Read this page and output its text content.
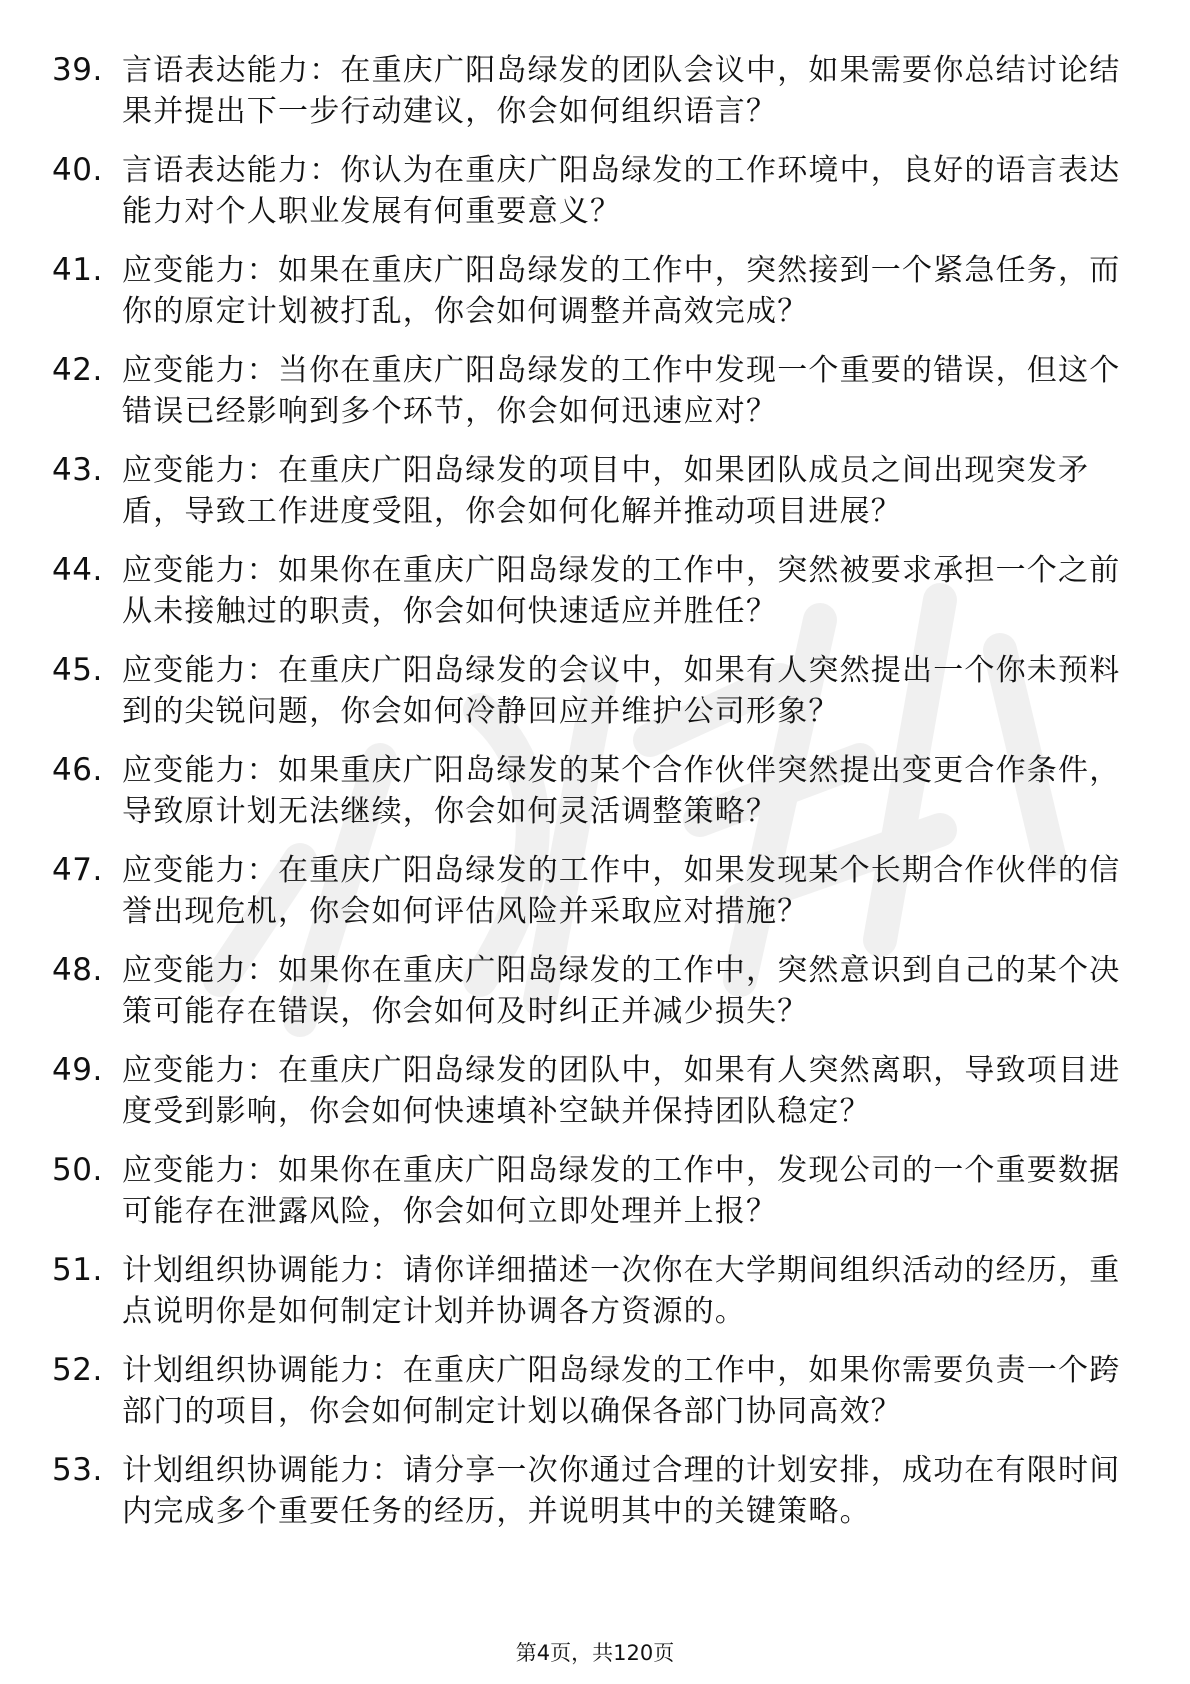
39. 言语表达能力：在重庆广阳岛绿发的团队会议中，如果需要你总结讨论结果并提出下一步行动建议，你会如何组织语言？
40. 言语表达能力：你认为在重庆广阳岛绿发的工作环境中，良好的语言表达能力对个人职业发展有何重要意义？
41. 应变能力：如果在重庆广阳岛绿发的工作中，突然接到一个紧急任务，而你的原定计划被打乱，你会如何调整并高效完成？
42. 应变能力：当你在重庆广阳岛绿发的工作中发现一个重要的错误，但这个错误已经影响到多个环节，你会如何迅速应对？
43. 应变能力：在重庆广阳岛绿发的项目中，如果团队成员之间出现突发矛盾，导致工作进度受阻，你会如何化解并推动项目进展？
44. 应变能力：如果你在重庆广阳岛绿发的工作中，突然被要求承担一个之前从未接触过的职责，你会如何快速适应并胜任？
45. 应变能力：在重庆广阳岛绿发的会议中，如果有人突然提出一个你未预料到的尖锐问题，你会如何冷静回应并维护公司形象？
46. 应变能力：如果重庆广阳岛绿发的某个合作伙伴突然提出变更合作条件，导致原计划无法继续，你会如何灵活调整策略？
47. 应变能力：在重庆广阳岛绿发的工作中，如果发现某个长期合作伙伴的信誉出现危机，你会如何评估风险并采取应对措施？
48. 应变能力：如果你在重庆广阳岛绿发的工作中，突然意识到自己的某个决策可能存在错误，你会如何及时纠正并减少损失？
49. 应变能力：在重庆广阳岛绿发的团队中，如果有人突然离职，导致项目进度受到影响，你会如何快速填补空缺并保持团队稳定？
50. 应变能力：如果你在重庆广阳岛绿发的工作中，发现公司的一个重要数据可能存在泄露风险，你会如何立即处理并上报？
51. 计划组织协调能力：请你详细描述一次你在大学期间组织活动的经历，重点说明你是如何制定计划并协调各方资源的。
52. 计划组织协调能力：在重庆广阳岛绿发的工作中，如果你需要负责一个跨部门的项目，你会如何制定计划以确保各部门协同高效？
53. 计划组织协调能力：请分享一次你通过合理的计划安排，成功在有限时间内完成多个重要任务的经历，并说明其中的关键策略。
第4页，共120页
